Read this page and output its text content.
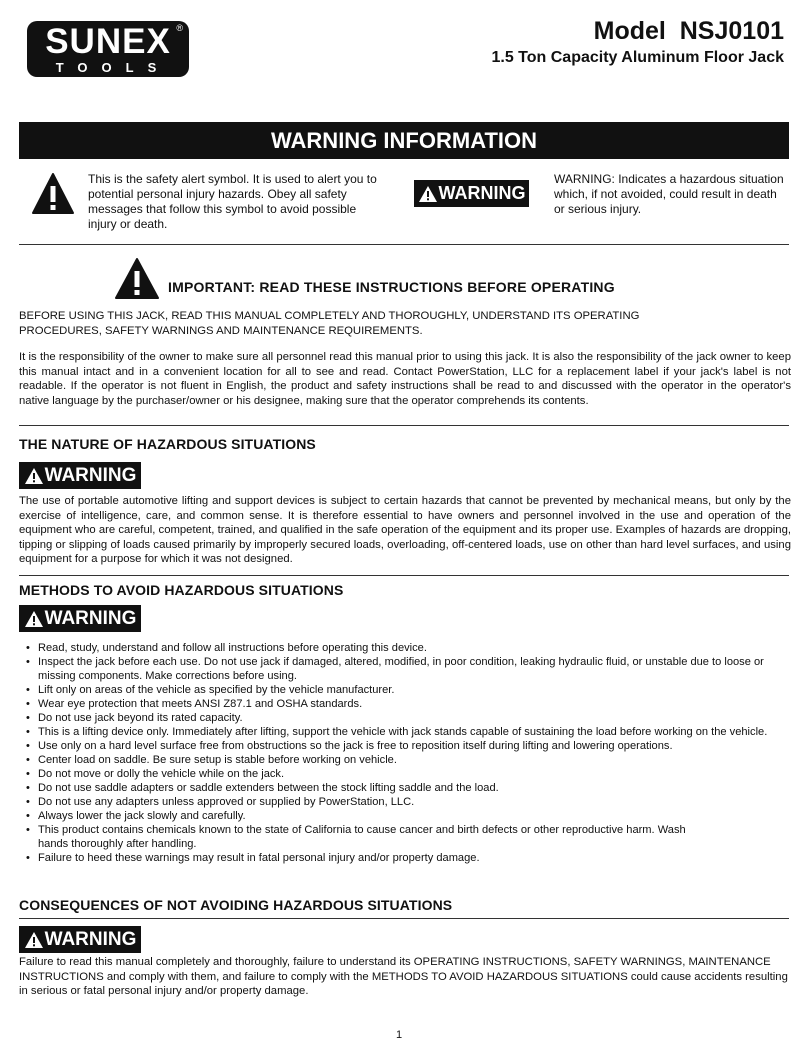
SUNEX
TOOLS
®	Model  NSJ0101
1.5 Ton Capacity Aluminum Floor Jack
WARNING INFORMATION
This is the safety alert symbol. It is used to alert you to potential personal injury hazards. Obey all safety messages that follow this symbol to avoid possible injury or death.
WARNING
WARNING: Indicates a hazardous situation which, if not avoided, could result in death or serious injury.
IMPORTANT: READ THESE INSTRUCTIONS BEFORE OPERATING
BEFORE USING THIS JACK, READ THIS MANUAL COMPLETELY AND THOROUGHLY, UNDERSTAND ITS OPERATING PROCEDURES, SAFETY WARNINGS AND MAINTENANCE REQUIREMENTS.
It is the responsibility of the owner to make sure all personnel read this manual prior to using this jack. It is also the responsibility of the jack owner to keep this manual intact and in a convenient location for all to see and read. Contact PowerStation, LLC for a replacement label if your jack's label is not readable. If the operator is not fluent in English, the product and safety instructions shall be read to and discussed with the operator in the operator's native language by the purchaser/owner or his designee, making sure that the operator comprehends its contents.
THE NATURE OF HAZARDOUS SITUATIONS
WARNING
The use of portable automotive lifting and support devices is subject to certain hazards that cannot be prevented by mechanical means, but only by the exercise of intelligence, care, and common sense. It is therefore essential to have owners and personnel involved in the use and operation of the equipment who are careful, competent, trained, and qualified in the safe operation of the equipment and its proper use. Examples of hazards are dropping, tipping or slipping of loads caused primarily by improperly secured loads, overloading, off-centered loads, use on other than hard level surfaces, and using equipment for a purpose for which it was not designed.
METHODS TO AVOID HAZARDOUS SITUATIONS
WARNING
• Read, study, understand and follow all instructions before operating this device.
• Inspect the jack before each use. Do not use jack if damaged, altered, modified, in poor condition, leaking hydraulic fluid, or unstable due to loose or missing components. Make corrections before using.
• Lift only on areas of the vehicle as specified by the vehicle manufacturer.
• Wear eye protection that meets ANSI Z87.1 and OSHA standards.
• Do not use jack beyond its rated capacity.
• This is a lifting device only. Immediately after lifting, support the vehicle with jack stands capable of sustaining the load before working on the vehicle.
• Use only on a hard level surface free from obstructions so the jack is free to reposition itself during lifting and lowering operations.
• Center load on saddle. Be sure setup is stable before working on vehicle.
• Do not move or dolly the vehicle while on the jack.
• Do not use saddle adapters or saddle extenders between the stock lifting saddle and the load.
• Do not use any adapters unless approved or supplied by PowerStation, LLC.
• Always lower the jack slowly and carefully.
• This product contains chemicals known to the state of California to cause cancer and birth defects or other reproductive harm. Wash hands thoroughly after handling.
• Failure to heed these warnings may result in fatal personal injury and/or property damage.
CONSEQUENCES OF NOT AVOIDING HAZARDOUS SITUATIONS
WARNING
Failure to read this manual completely and thoroughly, failure to understand its OPERATING INSTRUCTIONS, SAFETY WARNINGS, MAINTENANCE INSTRUCTIONS and comply with them, and failure to comply with the METHODS TO AVOID HAZARDOUS SITUATIONS could cause accidents resulting in serious or fatal personal injury and/or property damage.
1
